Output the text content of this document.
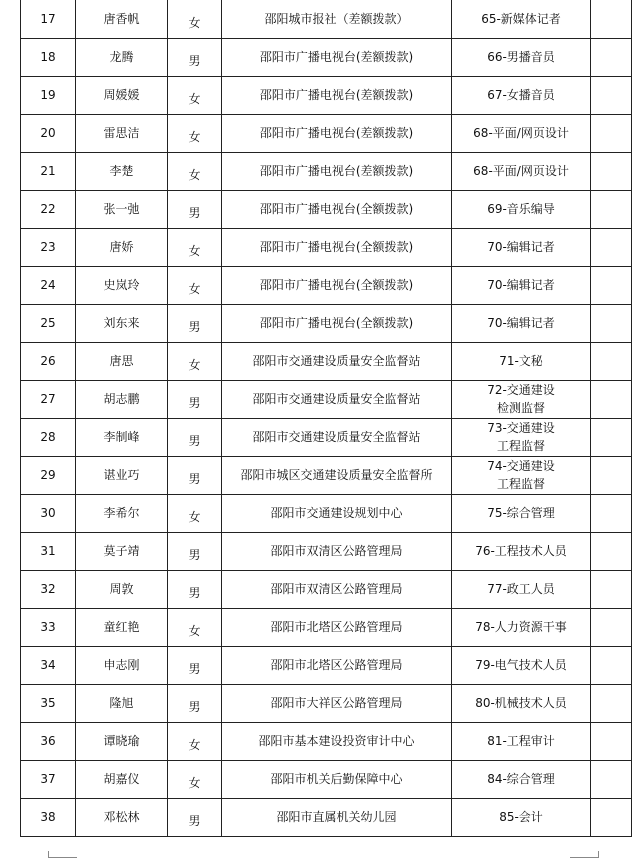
17	唐香帆	女	邵阳城市报社（差额拨款）	65-新媒体记者	
18	龙腾	男	邵阳市广播电视台(差额拨款)	66-男播音员	
19	周媛媛	女	邵阳市广播电视台(差额拨款)	67-女播音员	
20	雷思洁	女	邵阳市广播电视台(差额拨款)	68-平面/网页设计	
21	李楚	女	邵阳市广播电视台(差额拨款)	68-平面/网页设计	
22	张一弛	男	邵阳市广播电视台(全额拨款)	69-音乐编导	
23	唐娇	女	邵阳市广播电视台(全额拨款)	70-编辑记者	
24	史岚玲	女	邵阳市广播电视台(全额拨款)	70-编辑记者	
25	刘东来	男	邵阳市广播电视台(全额拨款)	70-编辑记者	
26	唐思	女	邵阳市交通建设质量安全监督站	71-文秘	
27	胡志鹏	男	邵阳市交通建设质量安全监督站	72-交通建设
检测监督	
28	李制峰	男	邵阳市交通建设质量安全监督站	73-交通建设
工程监督	
29	谌业巧	男	邵阳市城区交通建设质量安全监督所	74-交通建设
工程监督	
30	李希尔	女	邵阳市交通建设规划中心	75-综合管理	
31	莫子靖	男	邵阳市双清区公路管理局	76-工程技术人员	
32	周敦	男	邵阳市双清区公路管理局	77-政工人员	
33	童红艳	女	邵阳市北塔区公路管理局	78-人力资源干事	
34	申志刚	男	邵阳市北塔区公路管理局	79-电气技术人员	
35	隆旭	男	邵阳市大祥区公路管理局	80-机械技术人员	
36	谭晓瑜	女	邵阳市基本建设投资审计中心	81-工程审计	
37	胡嘉仪	女	邵阳市机关后勤保障中心	84-综合管理	
38	邓松林	男	邵阳市直属机关幼儿园	85-会计	
